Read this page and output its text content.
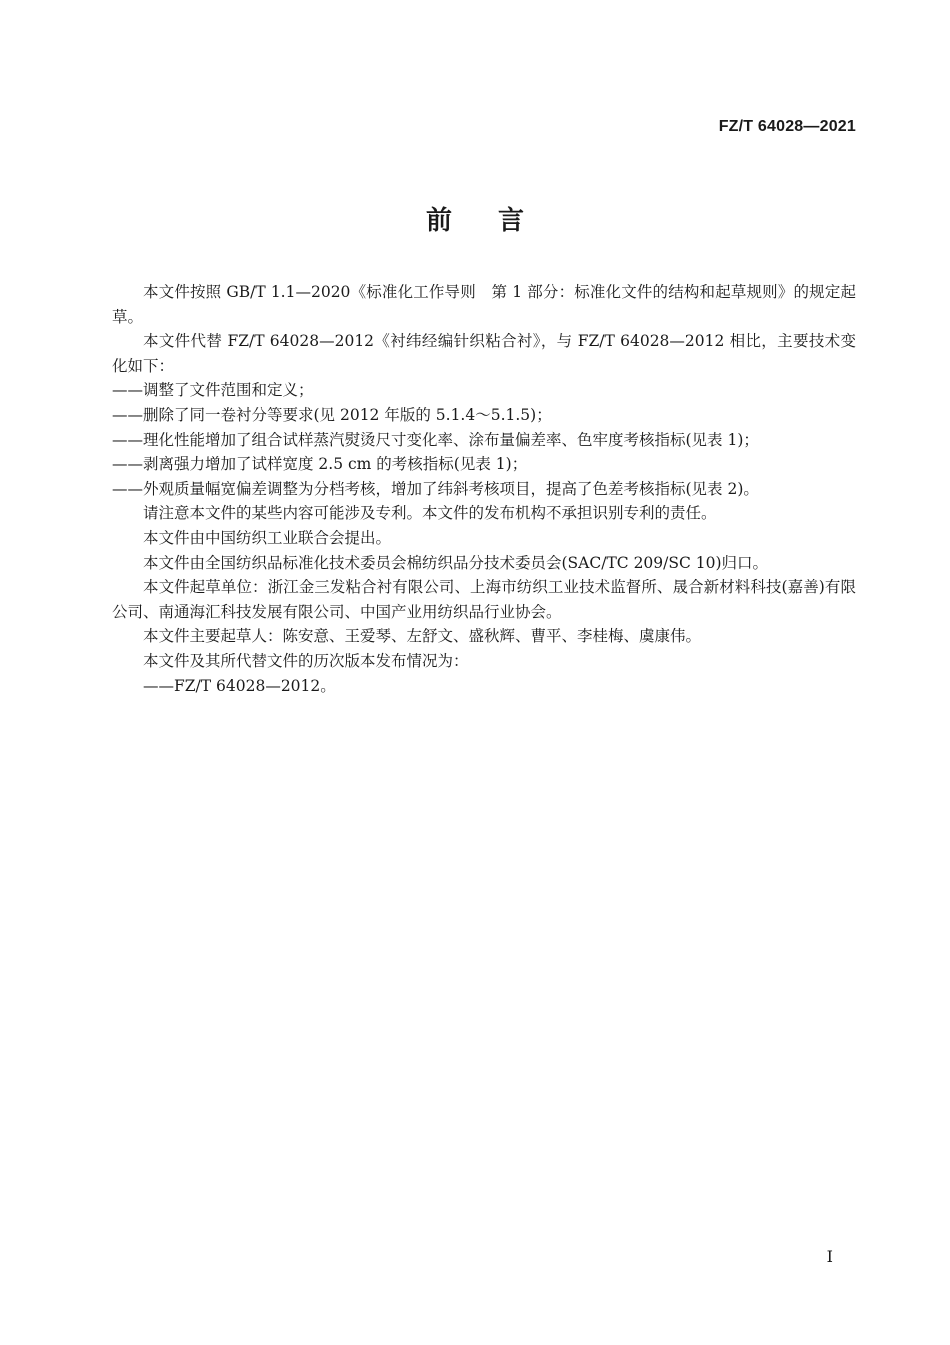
FZ/T 64028—2021
前言

本文件按照 GB/T 1.1—2020《标准化工作导则　第 1 部分：标准化文件的结构和起草规则》的规定起草。

本文件代替 FZ/T 64028—2012《衬纬经编针织粘合衬》，与 FZ/T 64028—2012 相比，主要技术变化如下：

——调整了文件范围和定义；

——删除了同一卷衬分等要求(见 2012 年版的 5.1.4～5.1.5)；

——理化性能增加了组合试样蒸汽熨烫尺寸变化率、涂布量偏差率、色牢度考核指标(见表 1)；

——剥离强力增加了试样宽度 2.5 cm 的考核指标(见表 1)；

——外观质量幅宽偏差调整为分档考核，增加了纬斜考核项目，提高了色差考核指标(见表 2)。

请注意本文件的某些内容可能涉及专利。本文件的发布机构不承担识别专利的责任。

本文件由中国纺织工业联合会提出。

本文件由全国纺织品标准化技术委员会棉纺织品分技术委员会(SAC/TC 209/SC 10)归口。

本文件起草单位：浙江金三发粘合衬有限公司、上海市纺织工业技术监督所、晟合新材料科技(嘉善)有限公司、南通海汇科技发展有限公司、中国产业用纺织品行业协会。

本文件主要起草人：陈安意、王爱琴、左舒文、盛秋辉、曹平、李桂梅、虞康伟。

本文件及其所代替文件的历次版本发布情况为：

——FZ/T 64028—2012。

I
